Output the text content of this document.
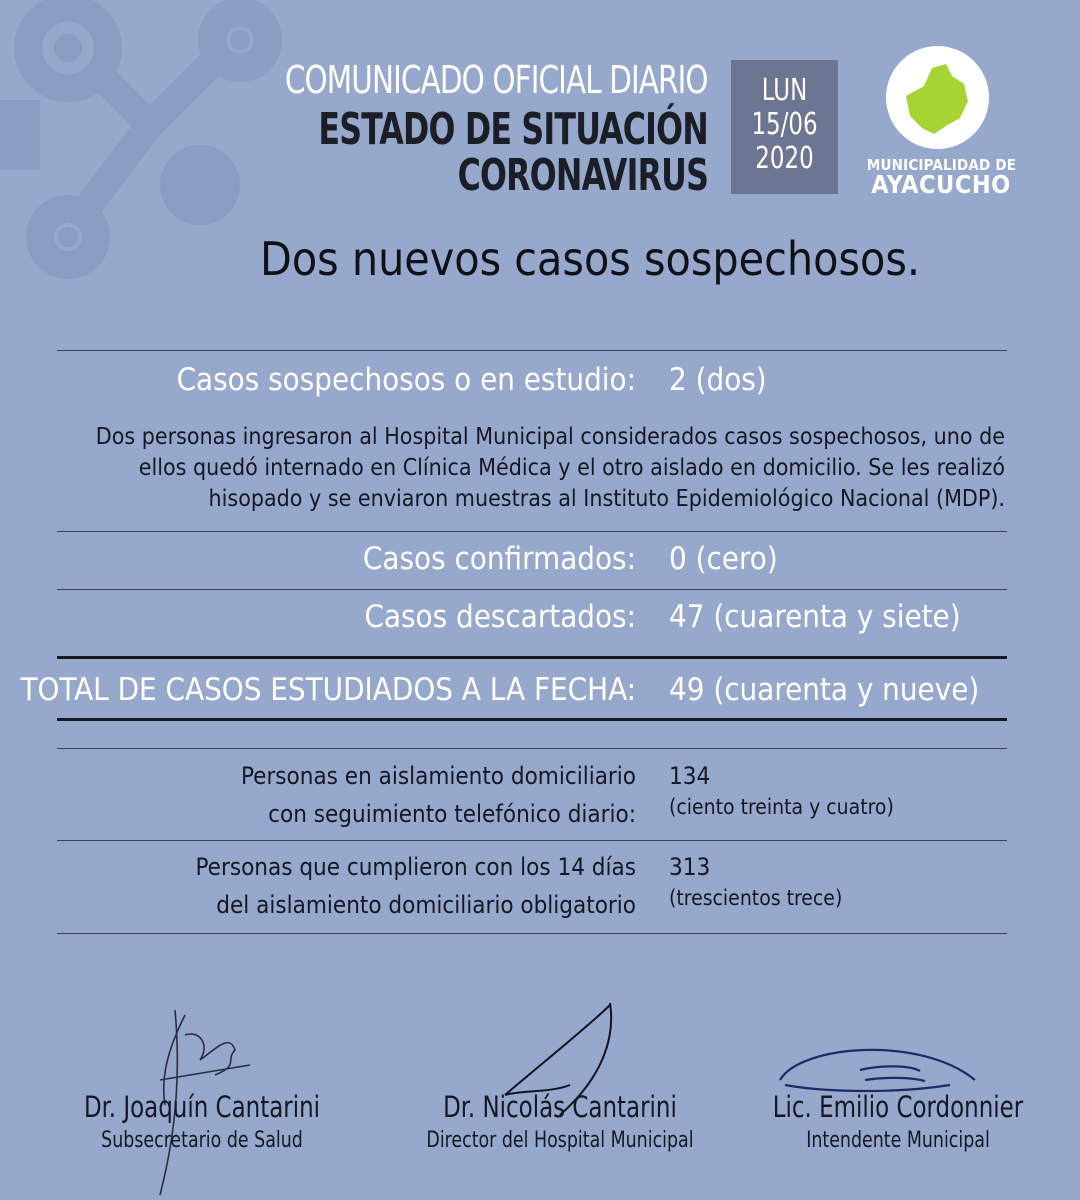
COMUNICADO OFICIAL DIARIO
ESTADO DE SITUACIÓN
CORONAVIRUS
LUN
15/06
2020	MUNICIPALIDAD DE
AYACUCHO
Dos nuevos casos sospechosos.
Casos sospechosos o en estudio: 2 (dos)
Dos personas ingresaron al Hospital Municipal considerados casos sospechosos, uno de ellos quedó internado en Clínica Médica y el otro aislado en domicilio. Se les realizó hisopado y se enviaron muestras al Instituto Epidemiológico Nacional (MDP).
Casos confirmados: 0 (cero)
Casos descartados: 47 (cuarenta y siete)
TOTAL DE CASOS ESTUDIADOS A LA FECHA: 49 (cuarenta y nueve)
Personas en aislamiento domiciliario
con seguimiento telefónico diario:
134
(ciento treinta y cuatro)
Personas que cumplieron con los 14 días
del aislamiento domiciliario obligatorio
313
(trescientos trece)
Dr. Joaquín Cantarini
Subsecretario de Salud
Dr. Nicolás Cantarini
Director del Hospital Municipal
Lic. Emilio Cordonnier
Intendente Municipal
